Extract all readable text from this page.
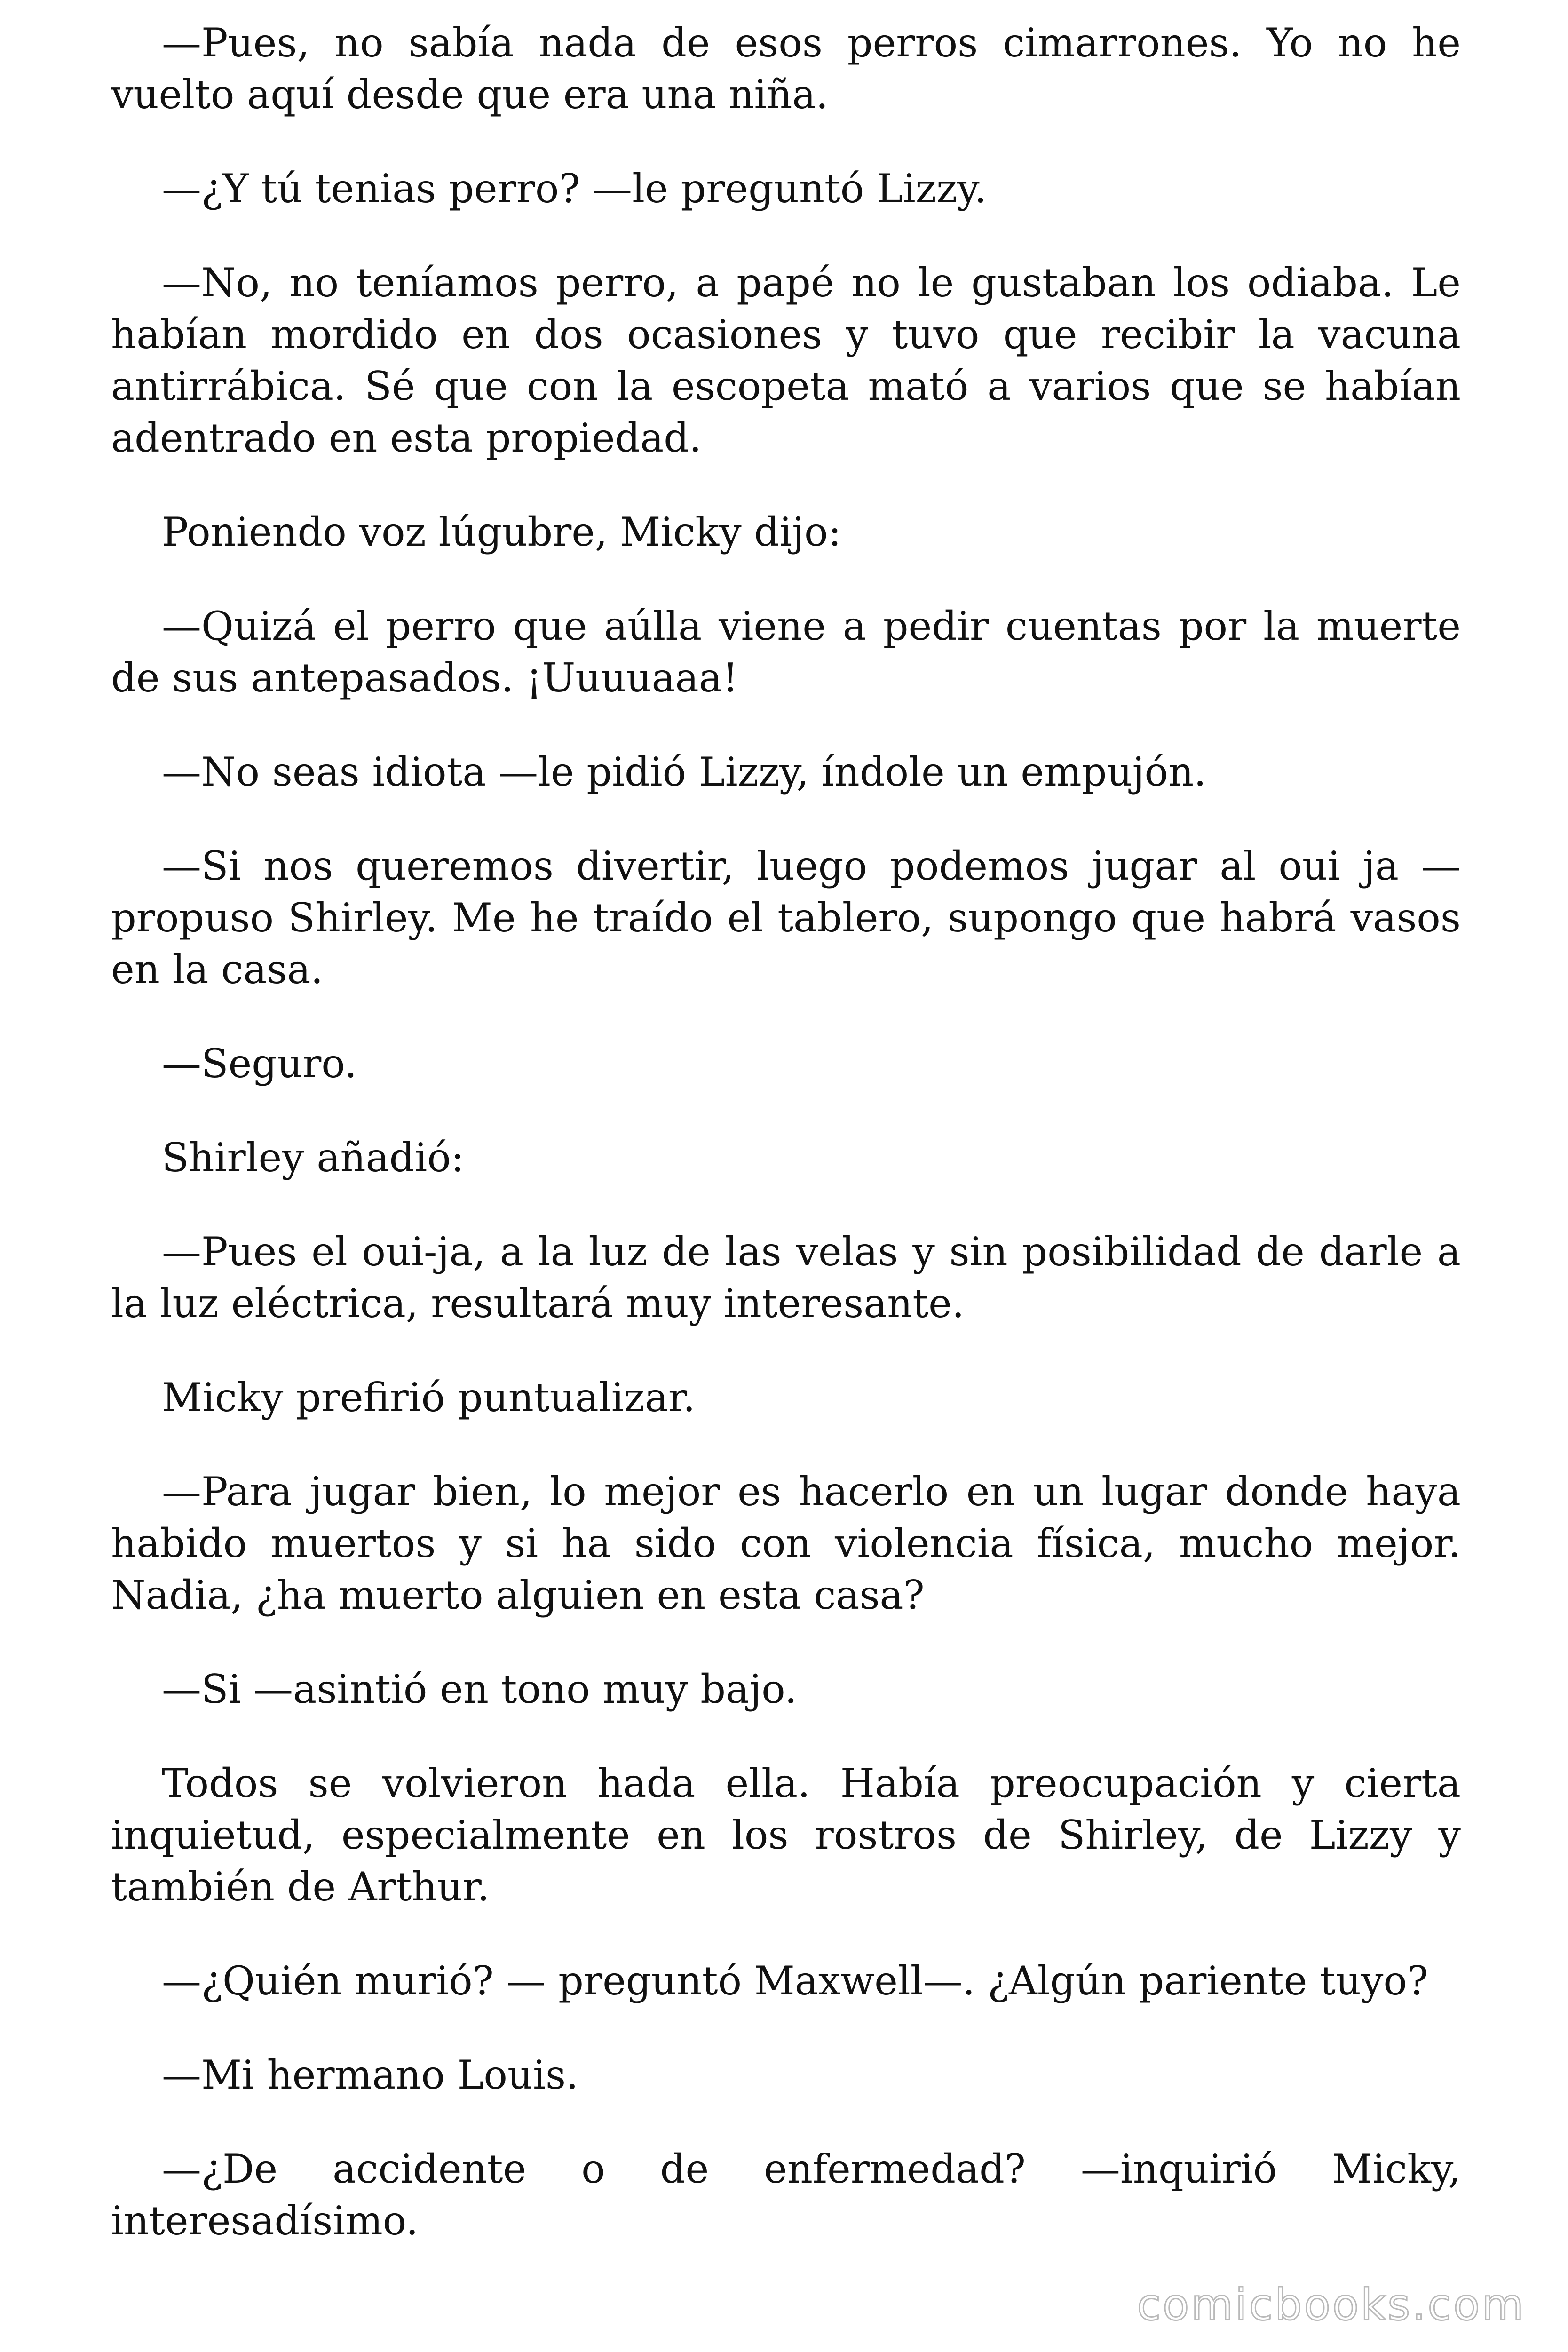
—Pues, no sabía nada de esos perros cimarrones. Yo no he vuelto aquí desde que era una niña.

—¿Y tú tenias perro? —le preguntó Lizzy.

—No, no teníamos perro, a papé no le gustaban los odiaba. Le habían mordido en dos ocasiones y tuvo que recibir la vacuna antirrábica. Sé que con la escopeta mató a varios que se habían adentrado en esta propiedad.

Poniendo voz lúgubre, Micky dijo:

—Quizá el perro que aúlla viene a pedir cuentas por la muerte de sus antepasados. ¡Uuuuaaa!

—No seas idiota —le pidió Lizzy, índole un empujón.

—Si nos queremos divertir, luego podemos jugar al oui ja —propuso Shirley. Me he traído el tablero, supongo que habrá vasos en la casa.

—Seguro.

Shirley añadió:

—Pues el oui-ja, a la luz de las velas y sin posibilidad de darle a la luz eléctrica, resultará muy interesante.

Micky prefirió puntualizar.

—Para jugar bien, lo mejor es hacerlo en un lugar donde haya habido muertos y si ha sido con violencia física, mucho mejor. Nadia, ¿ha muerto alguien en esta casa?

—Si —asintió en tono muy bajo.

Todos se volvieron hada ella. Había preocupación y cierta inquietud, especialmente en los rostros de Shirley, de Lizzy y también de Arthur.

—¿Quién murió? — preguntó Maxwell—. ¿Algún pariente tuyo?

—Mi hermano Louis.

—¿De accidente o de enfermedad? —inquirió Micky, interesadísimo.

comicbooks.com
